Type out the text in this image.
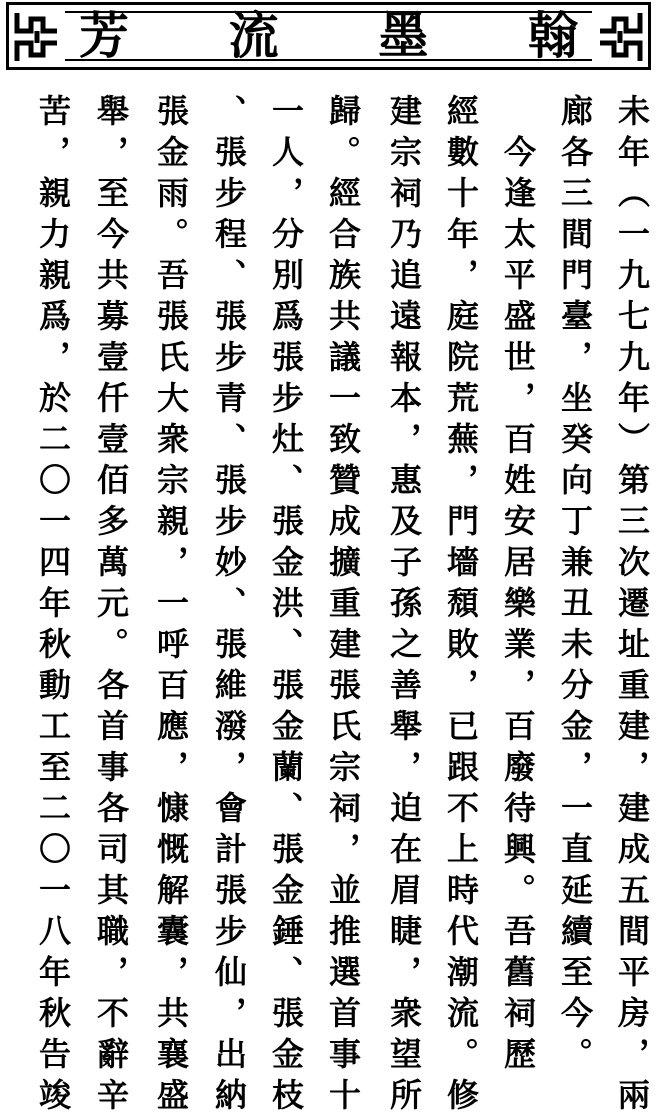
芳 流 墨 翰
未年（一九七九年）第三次遷址重建，建成五間平房，兩
廊各三間門臺，坐癸向丁兼丑未分金，一直延續至今。
　今逢太平盛世，百姓安居樂業，百廢待興。吾舊祠歷
經數十年，庭院荒蕪，門墻頹敗，已跟不上時代潮流。修
建宗祠乃追遠報本，惠及子孫之善舉，迫在眉睫，衆望所
歸。經合族共議一致贊成擴重建張氏宗祠，並推選首事十
一人，分別爲張步灶、張金洪、張金蘭、張金錘、張金枝
、張步程、張步青、張步妙、張維潑，會計張步仙，出納
張金雨。吾張氏大衆宗親，一呼百應，慷慨解囊，共襄盛
舉，至今共募壹仟壹佰多萬元。各首事各司其職，不辭辛
苦，親力親爲，於二〇一四年秋動工至二〇一八年秋告竣
